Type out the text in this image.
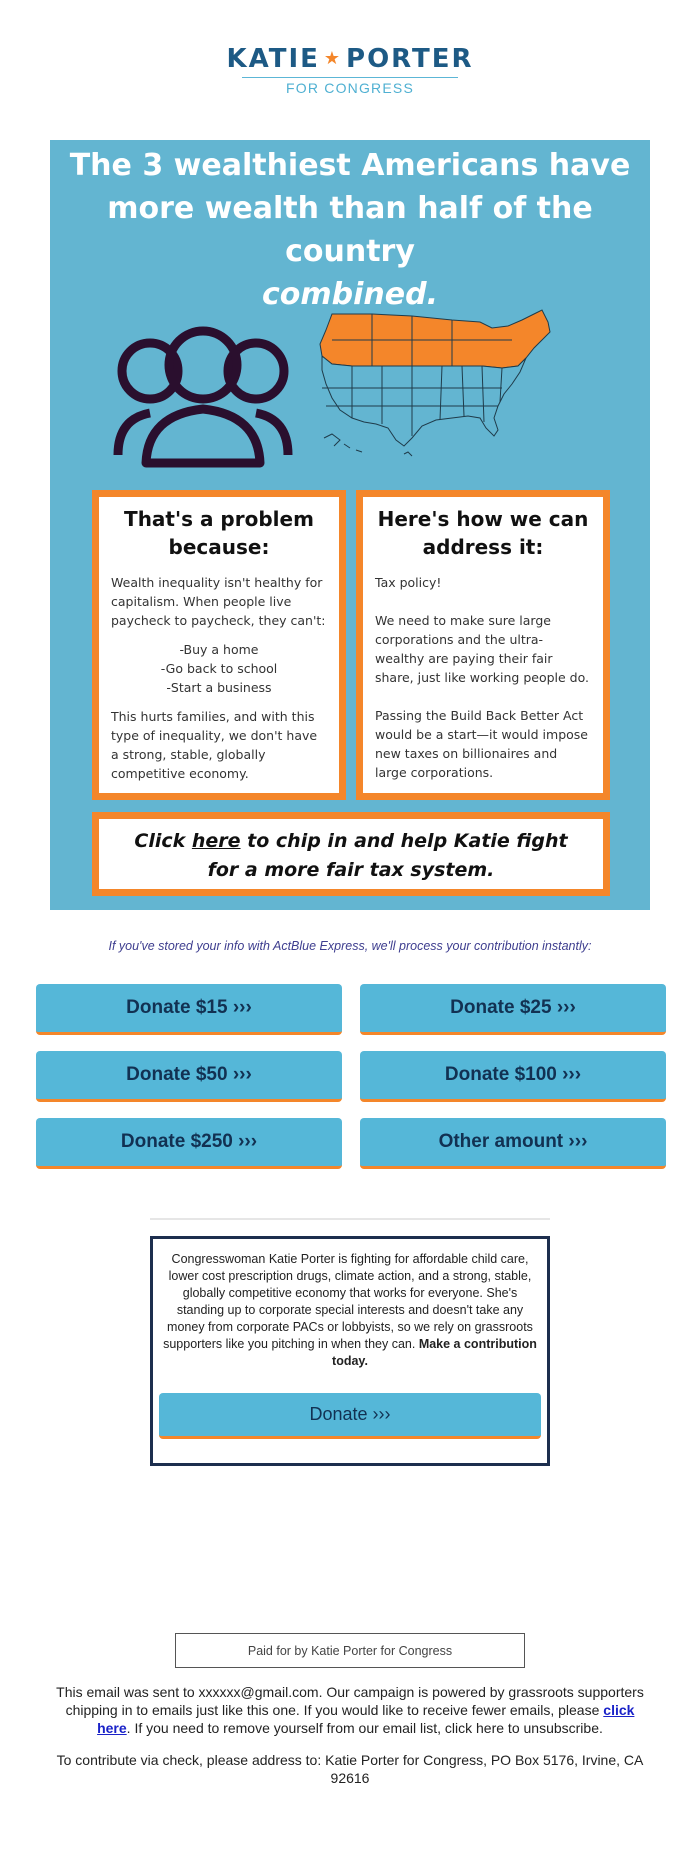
KATIE ★ PORTER
FOR CONGRESS
The 3 wealthiest Americans have
more wealth than half of the country
combined.
That's a problem because:

Wealth inequality isn't healthy for capitalism. When people live paycheck to paycheck, they can't:

-Buy a home
-Go back to school
-Start a business

This hurts families, and with this type of inequality, we don't have a strong, stable, globally competitive economy.

Here's how we can address it:

Tax policy!

We need to make sure large corporations and the ultra-wealthy are paying their fair share, just like working people do.

Passing the Build Back Better Act would be a start—it would impose new taxes on billionaires and large corporations.

Click here to chip in and help Katie fight
for a more fair tax system.
If you've stored your info with ActBlue Express, we'll process your contribution instantly:
Donate $15 ›››	Donate $25 ›››
Donate $50 ›››	Donate $100 ›››
Donate $250 ›››	Other amount ›››
Congresswoman Katie Porter is fighting for affordable child care, lower cost prescription drugs, climate action, and a strong, stable, globally competitive economy that works for everyone. She's standing up to corporate special interests and doesn't take any money from corporate PACs or lobbyists, so we rely on grassroots supporters like you pitching in when they can. Make a contribution today.
Donate ›››
Paid for by Katie Porter for Congress
This email was sent to xxxxxx@gmail.com. Our campaign is powered by grassroots supporters chipping in to emails just like this one. If you would like to receive fewer emails, please click here. If you need to remove yourself from our email list, click here to unsubscribe.
To contribute via check, please address to: Katie Porter for Congress, PO Box 5176, Irvine, CA 92616
